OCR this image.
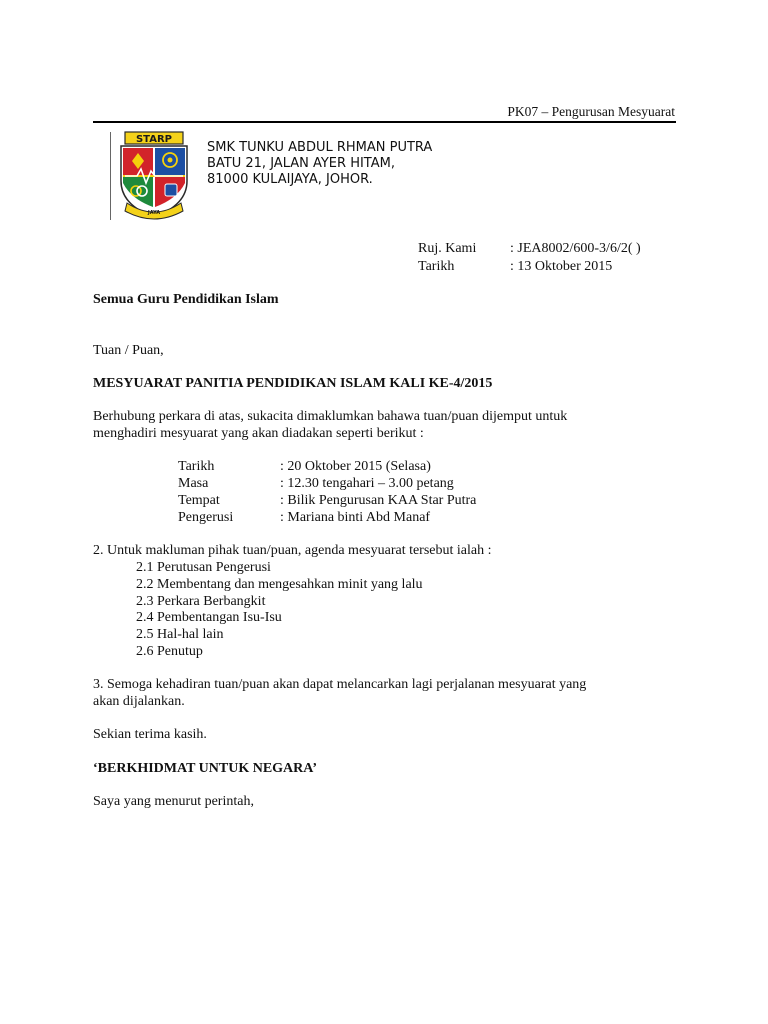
PK07 – Pengurusan Mesyuarat
STARP
JAYA
SMK TUNKU ABDUL RHMAN PUTRA
BATU 21, JALAN AYER HITAM,
81000 KULAIJAYA, JOHOR.
Ruj. Kami : JEA8002/600-3/6/2( )
Tarikh	: 13 Oktober 2015
Semua Guru Pendidikan Islam
Tuan / Puan,
MESYUARAT PANITIA PENDIDIKAN ISLAM KALI KE-4/2015
Berhubung perkara di atas, sukacita dimaklumkan bahawa tuan/puan dijemput untuk
menghadiri mesyuarat yang akan diadakan seperti berikut :
Tarikh	: 20 Oktober 2015 (Selasa)
Masa	: 12.30 tengahari – 3.00 petang
Tempat	: Bilik Pengurusan KAA Star Putra
Pengerusi	: Mariana binti Abd Manaf
2. Untuk makluman pihak tuan/puan, agenda mesyuarat tersebut ialah :
2.1 Perutusan Pengerusi
2.2 Membentang dan mengesahkan minit yang lalu
2.3 Perkara Berbangkit
2.4 Pembentangan Isu-Isu
2.5 Hal-hal lain
2.6 Penutup
3. Semoga kehadiran tuan/puan akan dapat melancarkan lagi perjalanan mesyuarat yang
akan dijalankan.
Sekian terima kasih.
‘BERKHIDMAT UNTUK NEGARA’
Saya yang menurut perintah,
